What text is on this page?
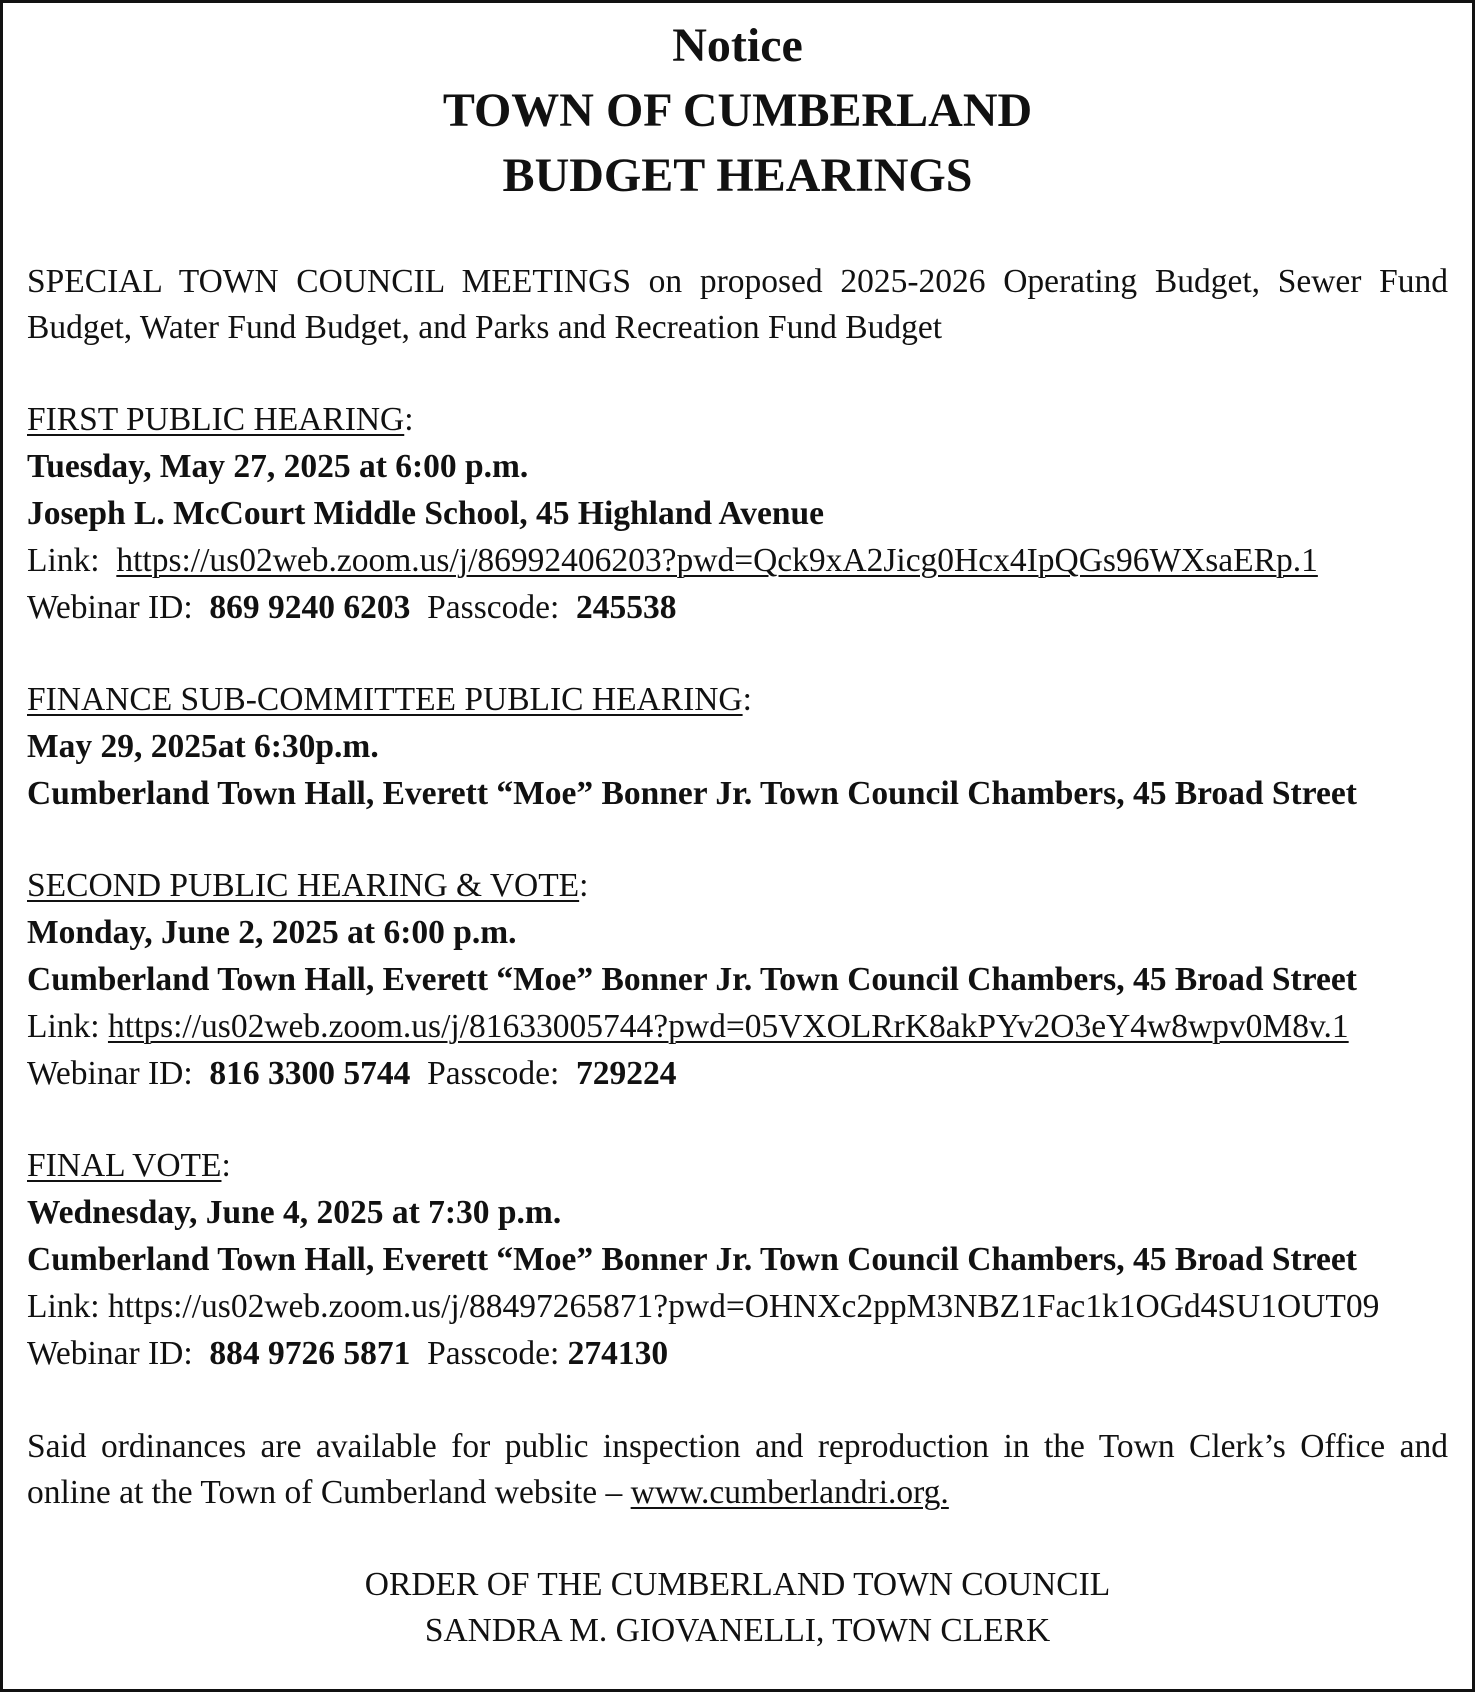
Notice
TOWN OF CUMBERLAND
BUDGET HEARINGS
SPECIAL TOWN COUNCIL MEETINGS on proposed 2025-2026 Operating Budget, Sewer Fund Budget, Water Fund Budget, and Parks and Recreation Fund Budget
FIRST PUBLIC HEARING:
Tuesday, May 27, 2025 at 6:00 p.m.
Joseph L. McCourt Middle School, 45 Highland Avenue
Link: https://us02web.zoom.us/j/86992406203?pwd=Qck9xA2Jicg0Hcx4IpQGs96WXsaERp.1
Webinar ID: 869 9240 6203 Passcode: 245538
FINANCE SUB-COMMITTEE PUBLIC HEARING:
May 29, 2025at 6:30p.m.
Cumberland Town Hall, Everett “Moe” Bonner Jr. Town Council Chambers, 45 Broad Street
SECOND PUBLIC HEARING & VOTE:
Monday, June 2, 2025 at 6:00 p.m.
Cumberland Town Hall, Everett “Moe” Bonner Jr. Town Council Chambers, 45 Broad Street
Link: https://us02web.zoom.us/j/81633005744?pwd=05VXOLRrK8akPYv2O3eY4w8wpv0M8v.1
Webinar ID: 816 3300 5744 Passcode: 729224
FINAL VOTE:
Wednesday, June 4, 2025 at 7:30 p.m.
Cumberland Town Hall, Everett “Moe” Bonner Jr. Town Council Chambers, 45 Broad Street
Link: https://us02web.zoom.us/j/88497265871?pwd=OHNXc2ppM3NBZ1Fac1k1OGd4SU1OUT09
Webinar ID: 884 9726 5871 Passcode: 274130
Said ordinances are available for public inspection and reproduction in the Town Clerk’s Office and online at the Town of Cumberland website – www.cumberlandri.org.
ORDER OF THE CUMBERLAND TOWN COUNCIL
SANDRA M. GIOVANELLI, TOWN CLERK
